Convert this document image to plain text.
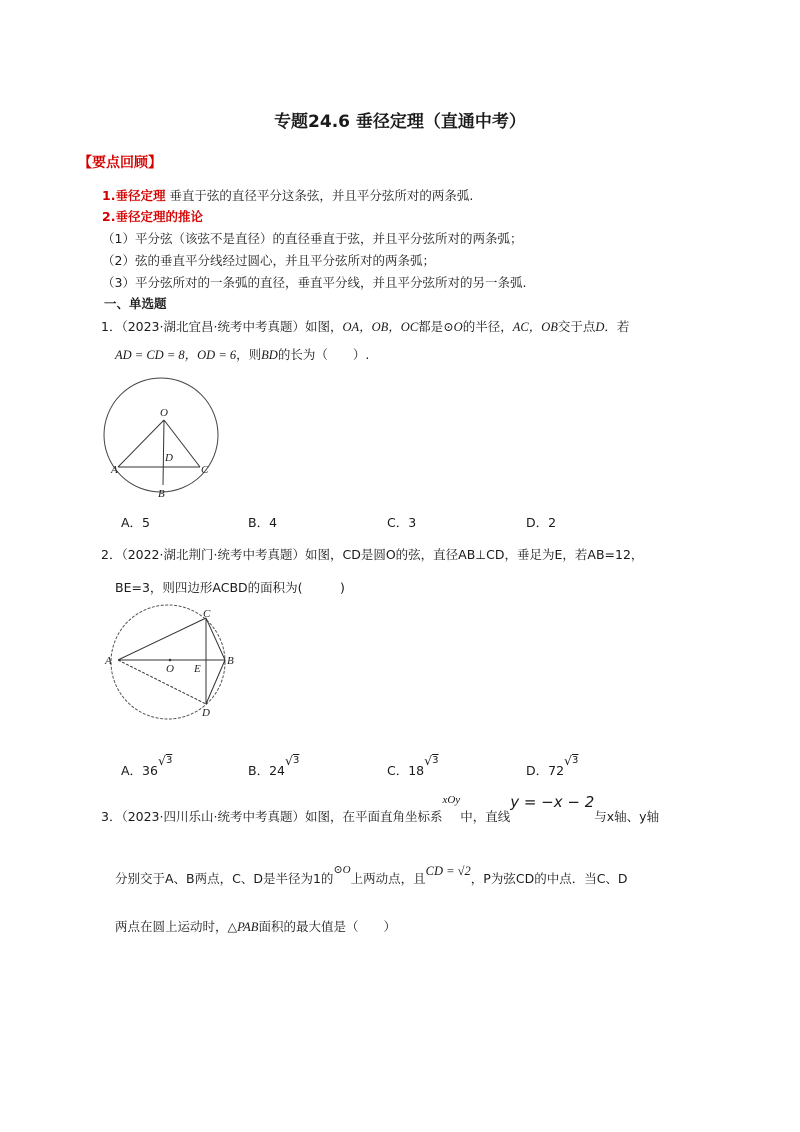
专题24.6 垂径定理（直通中考）
【要点回顾】
1.垂径定理 垂直于弦的直径平分这条弦，并且平分弦所对的两条弧.
2.垂径定理的推论
（1）平分弦（该弦不是直径）的直径垂直于弦，并且平分弦所对的两条弧；
（2）弦的垂直平分线经过圆心，并且平分弦所对的两条弧；
（3）平分弦所对的一条弧的直径，垂直平分线，并且平分弦所对的另一条弧.
一、单选题
1．（2023·湖北宜昌·统考中考真题）如图，OA，OB，OC都是⊙O的半径，AC，OB交于点D．若
AD = CD = 8，OD = 6，则BD的长为（　　）.
O
D
A	C
B
A．5	B．4	C．3	D．2
2．（2022·湖北荆门·统考中考真题）如图，CD是圆O的弦，直径AB⊥CD，垂足为E，若AB=12，
BE=3，则四边形ACBD的面积为(　　　)
C
A
O E
B
D
A．36√$^3$
B．24√$^3$
C．18√$^3$
D．72√$^3$
3．（2023·四川乐山·统考中考真题）如图，在平面直角坐标系xOy中，直线y = −x − 2与x轴、y轴
分别交于A、B两点，C、D是半径为1的⊙O上两动点，且CD = √2，P为弦CD的中点．当C、D
两点在圆上运动时，△PAB面积的最大值是（　　）
